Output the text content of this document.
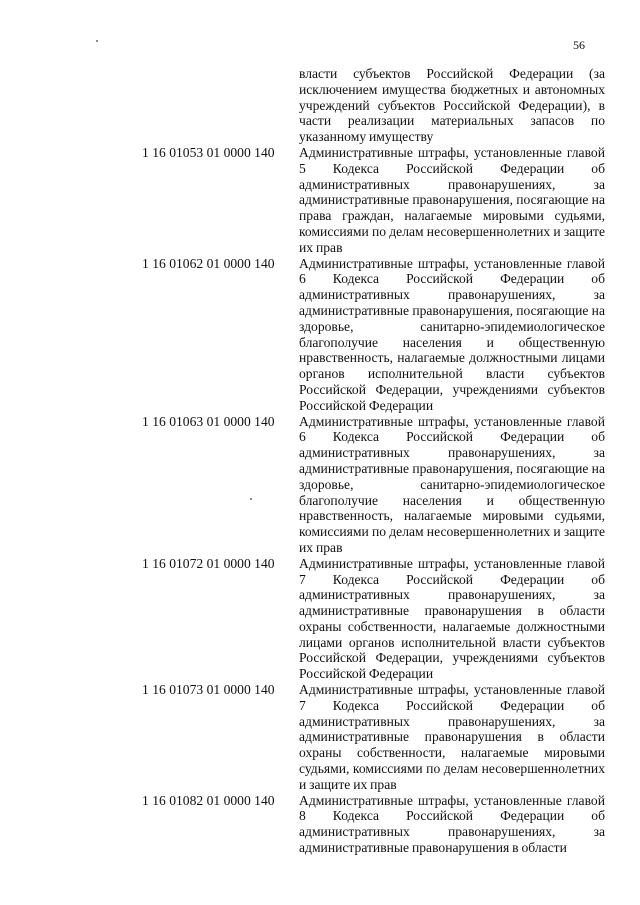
56
власти субъектов Российской Федерации (за исключением имущества бюджетных и автономных учреждений субъектов Российской Федерации), в части реализации материальных запасов по указанному имуществу
1 16 01053 01 0000 140 Административные штрафы, установленные главой 5 Кодекса Российской Федерации об административных правонарушениях, за административные правонарушения, посягающие на права граждан, налагаемые мировыми судьями, комиссиями по делам несовершеннолетних и защите их прав
1 16 01062 01 0000 140 Административные штрафы, установленные главой 6 Кодекса Российской Федерации об административных правонарушениях, за административные правонарушения, посягающие на здоровье, санитарно-эпидемиологическое благополучие населения и общественную нравственность, налагаемые должностными лицами органов исполнительной власти субъектов Российской Федерации, учреждениями субъектов Российской Федерации
1 16 01063 01 0000 140 Административные штрафы, установленные главой 6 Кодекса Российской Федерации об административных правонарушениях, за административные правонарушения, посягающие на здоровье, санитарно-эпидемиологическое благополучие населения и общественную нравственность, налагаемые мировыми судьями, комиссиями по делам несовершеннолетних и защите их прав
1 16 01072 01 0000 140 Административные штрафы, установленные главой 7 Кодекса Российской Федерации об административных правонарушениях, за административные правонарушения в области охраны собственности, налагаемые должностными лицами органов исполнительной власти субъектов Российской Федерации, учреждениями субъектов Российской Федерации
1 16 01073 01 0000 140 Административные штрафы, установленные главой 7 Кодекса Российской Федерации об административных правонарушениях, за административные правонарушения в области охраны собственности, налагаемые мировыми судьями, комиссиями по делам несовершеннолетних и защите их прав
1 16 01082 01 0000 140 Административные штрафы, установленные главой 8 Кодекса Российской Федерации об административных правонарушениях, за административные правонарушения в области
